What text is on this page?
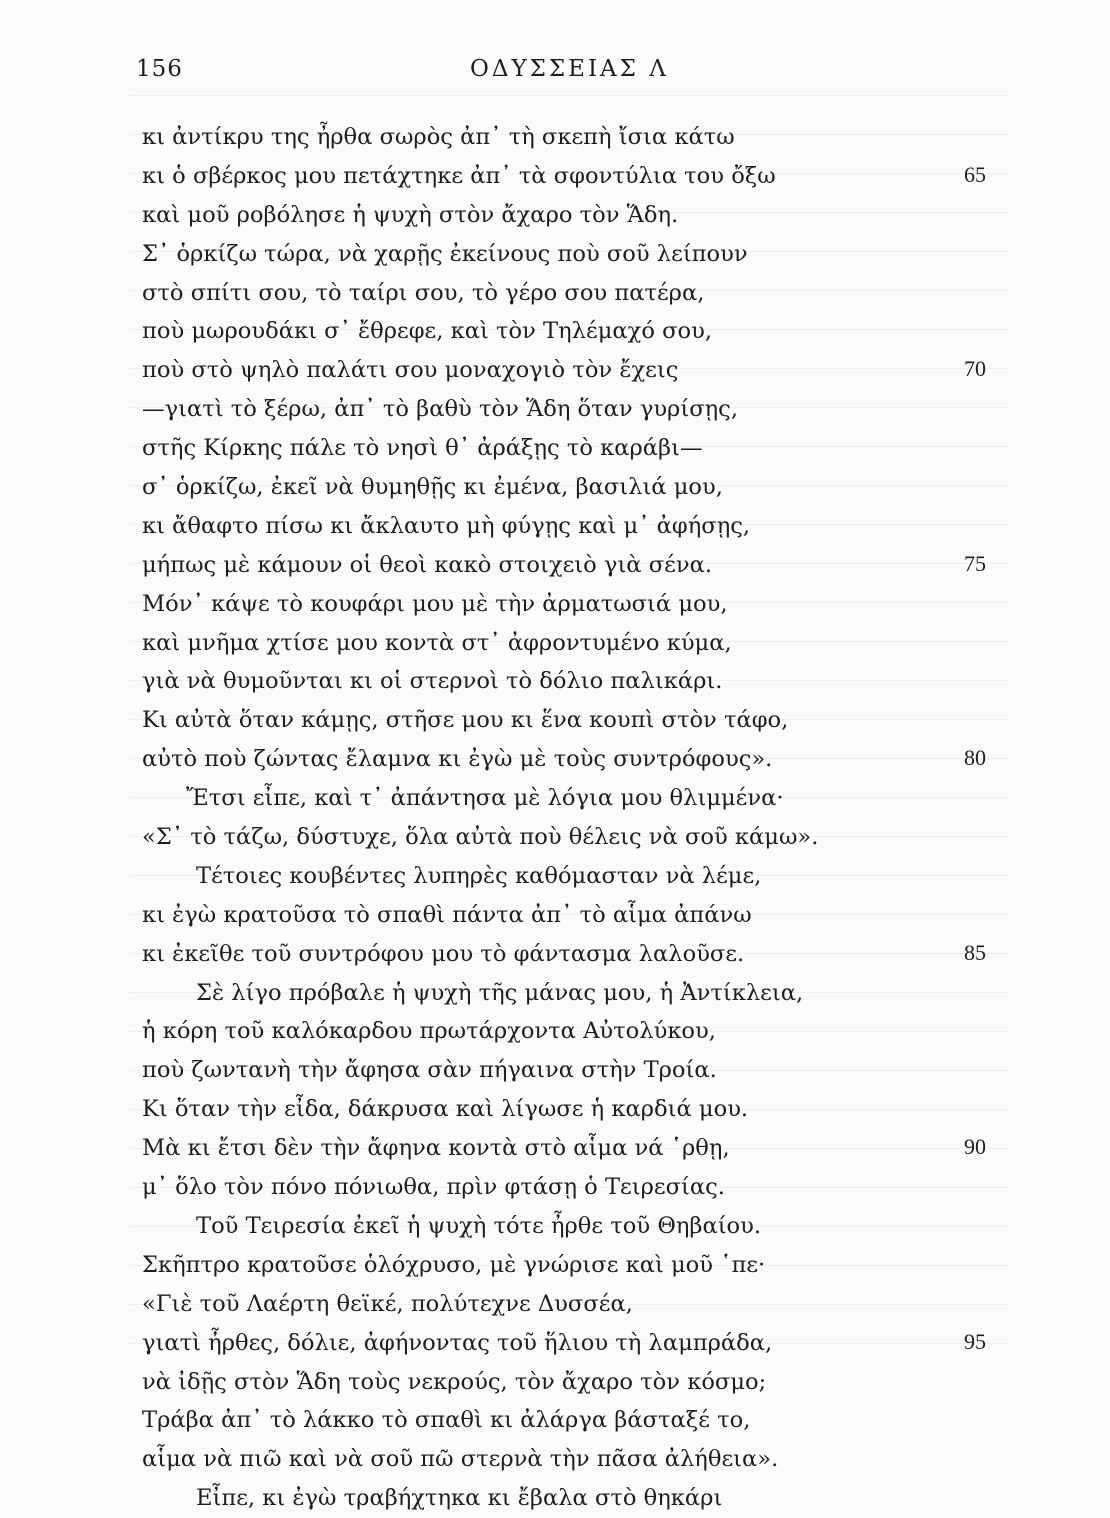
156	ΟΔΥΣΣΕΙΑΣ Λ
κι ἀντίκρυ της ἦρθα σωρὸς ἀπ᾽ τὴ σκεπὴ ἴσια κάτω
κι ὁ σβέρκος μου πετάχτηκε ἀπ᾽ τὰ σφοντύλια του ὄξω	65
καὶ μοῦ ροβόλησε ἡ ψυχὴ στὸν ἄχαρο τὸν Ἅδη.
Σ᾽ ὁρκίζω τώρα, νὰ χαρῇς ἐκείνους ποὺ σοῦ λείπουν
στὸ σπίτι σου, τὸ ταίρι σου, τὸ γέρο σου πατέρα,
ποὺ μωρουδάκι σ᾽ ἔθρεφε, καὶ τὸν Τηλέμαχό σου,
ποὺ στὸ ψηλὸ παλάτι σου μοναχογιὸ τὸν ἔχεις	70
—γιατὶ τὸ ξέρω, ἀπ᾽ τὸ βαθὺ τὸν Ἅδη ὅταν γυρίσῃς,
στῆς Κίρκης πάλε τὸ νησὶ θ᾽ ἀράξῃς τὸ καράβι—
σ᾽ ὁρκίζω, ἐκεῖ νὰ θυμηθῇς κι ἐμένα, βασιλιά μου,
κι ἄθαφτο πίσω κι ἄκλαυτο μὴ φύγῃς καὶ μ᾽ ἀφήσῃς,
μήπως μὲ κάμουν οἱ θεοὶ κακὸ στοιχειὸ γιὰ σένα.	75
Μόν᾽ κάψε τὸ κουφάρι μου μὲ τὴν ἀρματωσιά μου,
καὶ μνῆμα χτίσε μου κοντὰ στ᾽ ἀφροντυμένο κύμα,
γιὰ νὰ θυμοῦνται κι οἱ στερνοὶ τὸ δόλιο παλικάρι.
Κι αὐτὰ ὅταν κάμῃς, στῆσε μου κι ἕνα κουπὶ στὸν τάφο,
αὐτὸ ποὺ ζώντας ἔλαμνα κι ἐγὼ μὲ τοὺς συντρόφους».	80
Ἔτσι εἶπε, καὶ τ᾽ ἀπάντησα μὲ λόγια μου θλιμμένα·
«Σ᾽ τὸ τάζω, δύστυχε, ὅλα αὐτὰ ποὺ θέλεις νὰ σοῦ κάμω».
Τέτοιες κουβέντες λυπηρὲς καθόμασταν νὰ λέμε,
κι ἐγὼ κρατοῦσα τὸ σπαθὶ πάντα ἀπ᾽ τὸ αἷμα ἀπάνω
κι ἐκεῖθε τοῦ συντρόφου μου τὸ φάντασμα λαλοῦσε.	85
Σὲ λίγο πρόβαλε ἡ ψυχὴ τῆς μάνας μου, ἡ Ἀντίκλεια,
ἡ κόρη τοῦ καλόκαρδου πρωτάρχοντα Αὐτολύκου,
ποὺ ζωντανὴ τὴν ἄφησα σὰν πήγαινα στὴν Τροία.
Κι ὅταν τὴν εἶδα, δάκρυσα καὶ λίγωσε ἡ καρδιά μου.
Μὰ κι ἔτσι δὲν τὴν ἄφηνα κοντὰ στὸ αἷμα νά ῾ρθῃ,	90
μ᾽ ὅλο τὸν πόνο πόνιωθα, πρὶν φτάσῃ ὁ Τειρεσίας.
Τοῦ Τειρεσία ἐκεῖ ἡ ψυχὴ τότε ἦρθε τοῦ Θηβαίου.
Σκῆπτρο κρατοῦσε ὁλόχρυσο, μὲ γνώρισε καὶ μοῦ ῾πε·
«Γιὲ τοῦ Λαέρτη θεϊκέ, πολύτεχνε Δυσσέα,
γιατὶ ἦρθες, δόλιε, ἀφήνοντας τοῦ ἥλιου τὴ λαμπράδα,	95
νὰ ἰδῇς στὸν Ἅδη τοὺς νεκρούς, τὸν ἄχαρο τὸν κόσμο;
Τράβα ἀπ᾽ τὸ λάκκο τὸ σπαθὶ κι ἀλάργα βάσταξέ το,
αἷμα νὰ πιῶ καὶ νὰ σοῦ πῶ στερνὰ τὴν πᾶσα ἀλήθεια».
Εἶπε, κι ἐγὼ τραβήχτηκα κι ἔβαλα στὸ θηκάρι
